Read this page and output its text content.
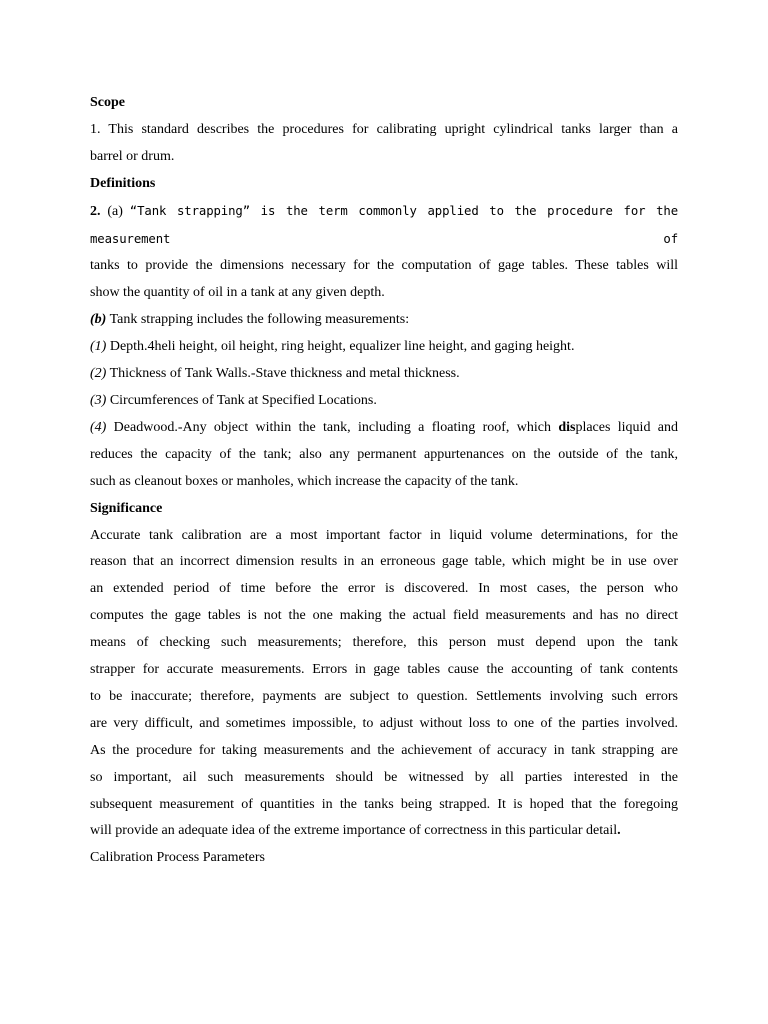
Scope
1. This standard describes the procedures for calibrating upright cylindrical tanks larger than a
barrel or drum.
Definitions
2. (a) “Tank strapping” is the term commonly applied to the procedure for the measurement of
tanks to provide the dimensions necessary for the computation of gage tables. These tables will
show the quantity of oil in a tank at any given depth.
(b) Tank strapping includes the following measurements:
(1) Depth.4heli height, oil height, ring height, equalizer line height, and gaging height.
(2) Thickness of Tank Walls.-Stave thickness and metal thickness.
(3) Circumferences of Tank at Specified Locations.
(4) Deadwood.-Any object within the tank, including a floating roof, which displaces liquid and
reduces the capacity of the tank; also any permanent appurtenances on the outside of the tank,
such as cleanout boxes or manholes, which increase the capacity of the tank.
Significance
Accurate tank calibration are a most important factor in liquid volume determinations, for the
reason that an incorrect dimension results in an erroneous gage table, which might be in use over
an extended period of time before the error is discovered. In most cases, the person who
computes the gage tables is not the one making the actual field measurements and has no direct
means of checking such measurements; therefore, this person must depend upon the tank
strapper for accurate measurements. Errors in gage tables cause the accounting of tank contents
to be inaccurate; therefore, payments are subject to question. Settlements involving such errors
are very difficult, and sometimes impossible, to adjust without loss to one of the parties involved.
As the procedure for taking measurements and the achievement of accuracy in tank strapping are
so important, ail such measurements should be witnessed by all parties interested in the
subsequent measurement of quantities in the tanks being strapped. It is hoped that the foregoing
will provide an adequate idea of the extreme importance of correctness in this particular detail.
Calibration Process Parameters
